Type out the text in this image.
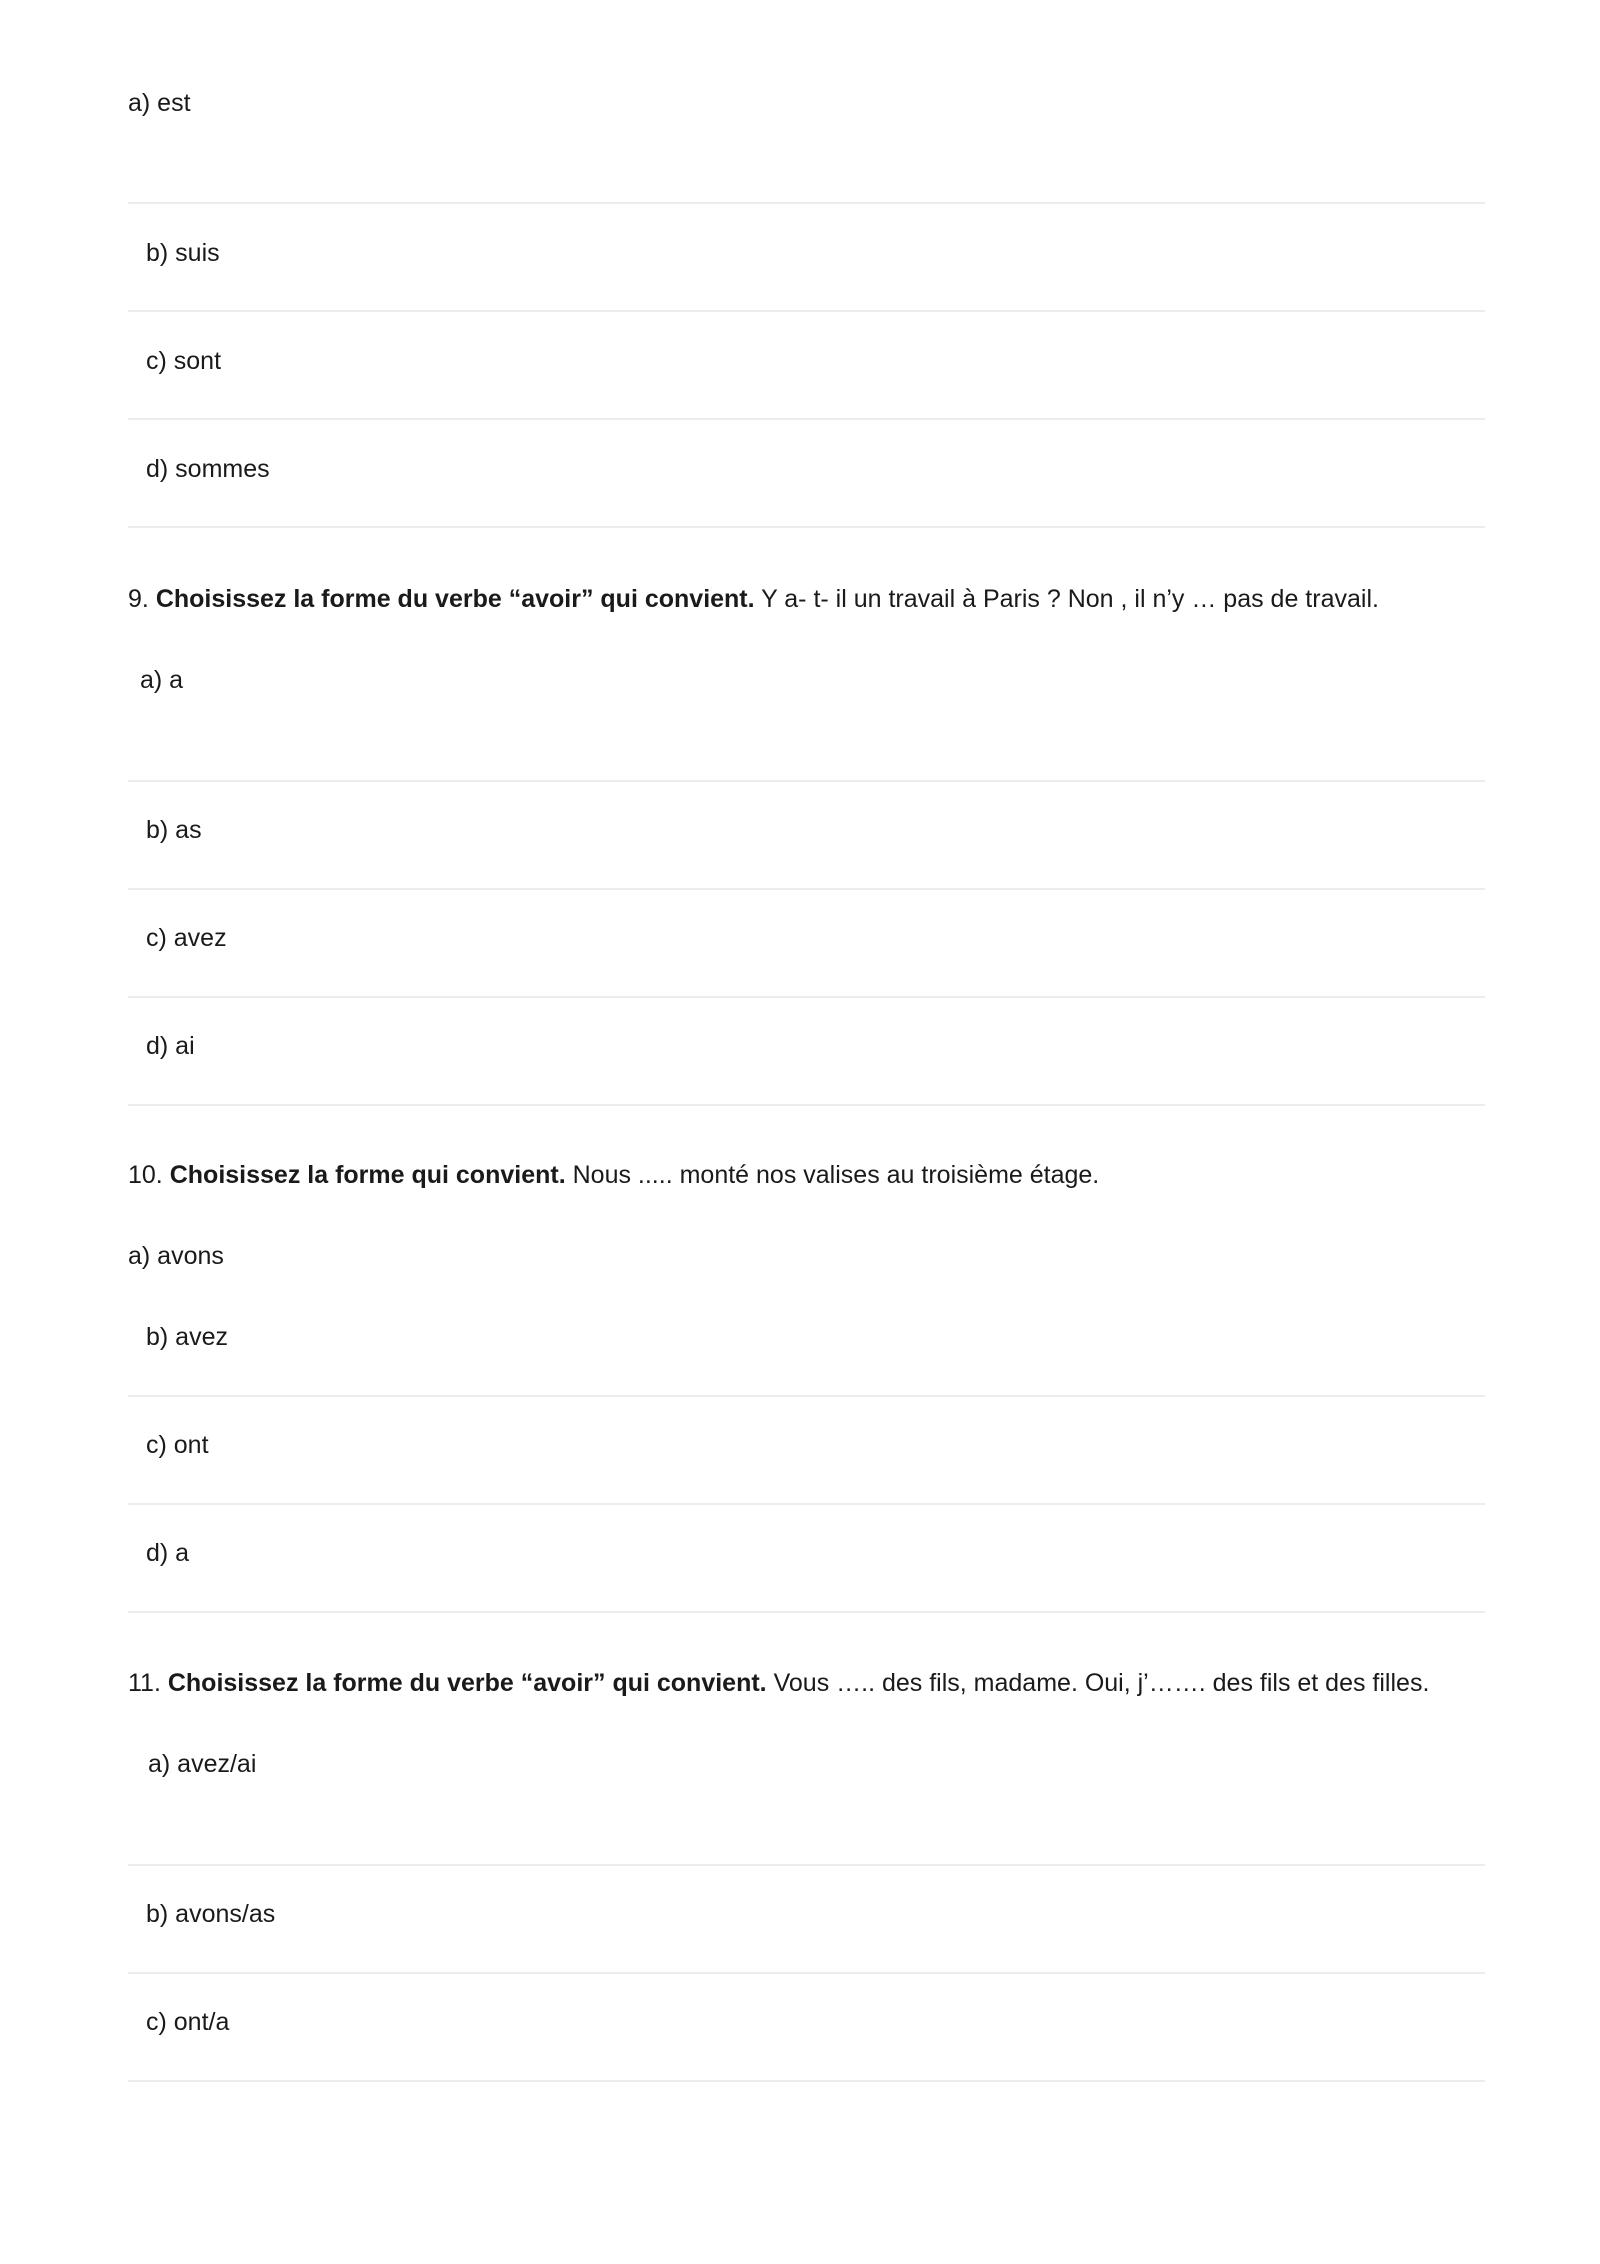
a) est
b) suis
c) sont
d) sommes
9. Choisissez la forme du verbe “avoir” qui convient. Y a- t- il un travail à Paris ? Non , il n’y … pas de travail.
a) a
b) as
c) avez
d) ai
10. Choisissez la forme qui convient. Nous ..... monté nos valises au troisième étage.
a) avons
b) avez
c) ont
d) a
11. Choisissez la forme du verbe “avoir” qui convient. Vous ….. des fils, madame. Oui, j’……. des fils et des filles.
a) avez/ai
b) avons/as
c) ont/a
